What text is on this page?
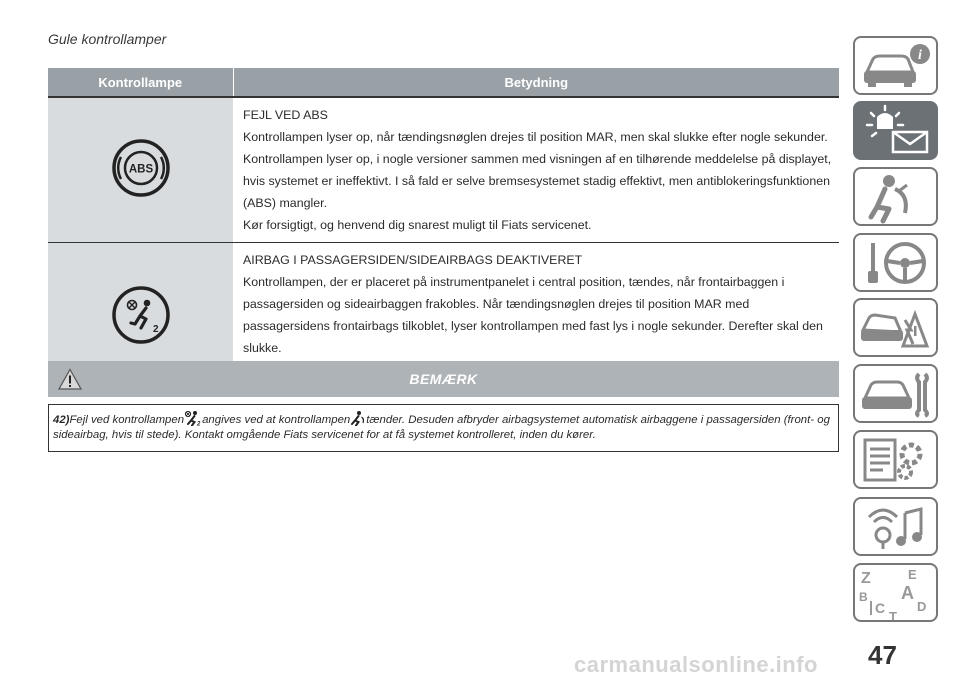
Gule kontrollamper
Kontrollampe	Betydning

ABS	FEJL VED ABS
Kontrollampen lyser op, når tændingsnøglen drejes til position MAR, men skal slukke efter nogle sekunder.
Kontrollampen lyser op, i nogle versioner sammen med visningen af en tilhørende meddelelse på displayet, hvis systemet er ineffektivt. I så fald er selve bremsesystemet stadig effektivt, men antiblokeringsfunktionen (ABS) mangler.
Kør forsigtigt, og henvend dig snarest muligt til Fiats servicenet.

2	AIRBAG I PASSAGERSIDEN/SIDEAIRBAGS DEAKTIVERET
Kontrollampen, der er placeret på instrumentpanelet i central position, tændes, når frontairbaggen i passagersiden og sideairbaggen frakobles. Når tændingsnøglen drejes til position MAR med passagersidens frontairbags tilkoblet, lyser kontrollampen med fast lys i nogle sekunder. Derefter skal den slukke.
BEMÆRK
42)Fejl ved kontrollampen 2 angives ved at kontrollampen tænder. Desuden afbryder airbagsystemet automatisk airbaggene i passagersiden (front- og sideairbag, hvis til stede). Kontakt omgående Fiats servicenet for at få systemet kontrolleret, inden du kører.
i
Z	E
B A
C D
T
47
carmanualsonline.info
